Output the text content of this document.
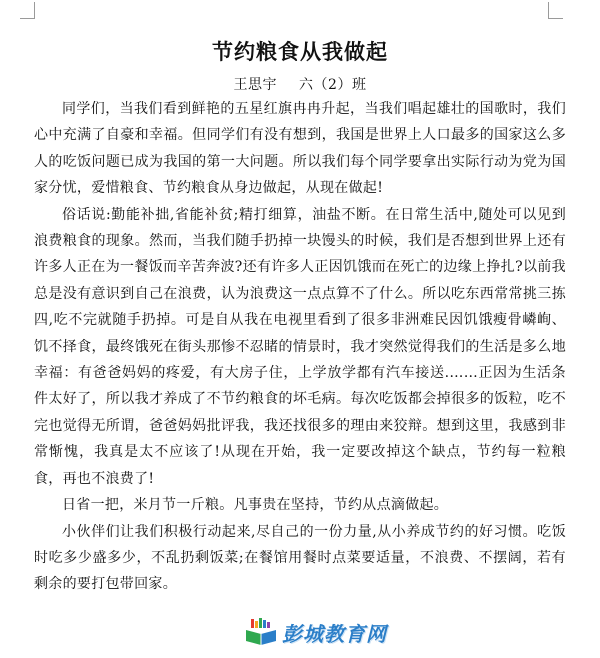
节约粮食从我做起
王思宇 六（2）班

同学们，当我们看到鲜艳的五星红旗冉冉升起，当我们唱起雄壮的国歌时，我们心中充满了自豪和幸福。但同学们有没有想到，我国是世界上人口最多的国家这么多人的吃饭问题已成为我国的第一大问题。所以我们每个同学要拿出实际行动为党为国家分忧，爱惜粮食、节约粮食从身边做起，从现在做起!

俗话说:勤能补拙,省能补贫;精打细算，油盐不断。在日常生活中,随处可以见到浪费粮食的现象。然而，当我们随手扔掉一块馒头的时候，我们是否想到世界上还有许多人正在为一餐饭而辛苦奔波?还有许多人正因饥饿而在死亡的边缘上挣扎?以前我总是没有意识到自己在浪费，认为浪费这一点点算不了什么。所以吃东西常常挑三拣四,吃不完就随手扔掉。可是自从我在电视里看到了很多非洲难民因饥饿瘦骨嶙峋、饥不择食，最终饿死在街头那惨不忍睹的情景时，我才突然觉得我们的生活是多么地幸福：有爸爸妈妈的疼爱，有大房子住，上学放学都有汽车接送.……正因为生活条件太好了，所以我才养成了不节约粮食的坏毛病。每次吃饭都会掉很多的饭粒，吃不完也觉得无所谓，爸爸妈妈批评我，我还找很多的理由来狡辩。想到这里，我感到非常惭愧，我真是太不应该了!从现在开始，我一定要改掉这个缺点，节约每一粒粮食，再也不浪费了!

日省一把，米月节一斤粮。凡事贵在坚持，节约从点滴做起。

小伙伴们让我们积极行动起来,尽自己的一份力量,从小养成节约的好习惯。吃饭时吃多少盛多少，不乱扔剩饭菜;在餐馆用餐时点菜要适量，不浪费、不摆阔，若有剩余的要打包带回家。

彭城教育网
